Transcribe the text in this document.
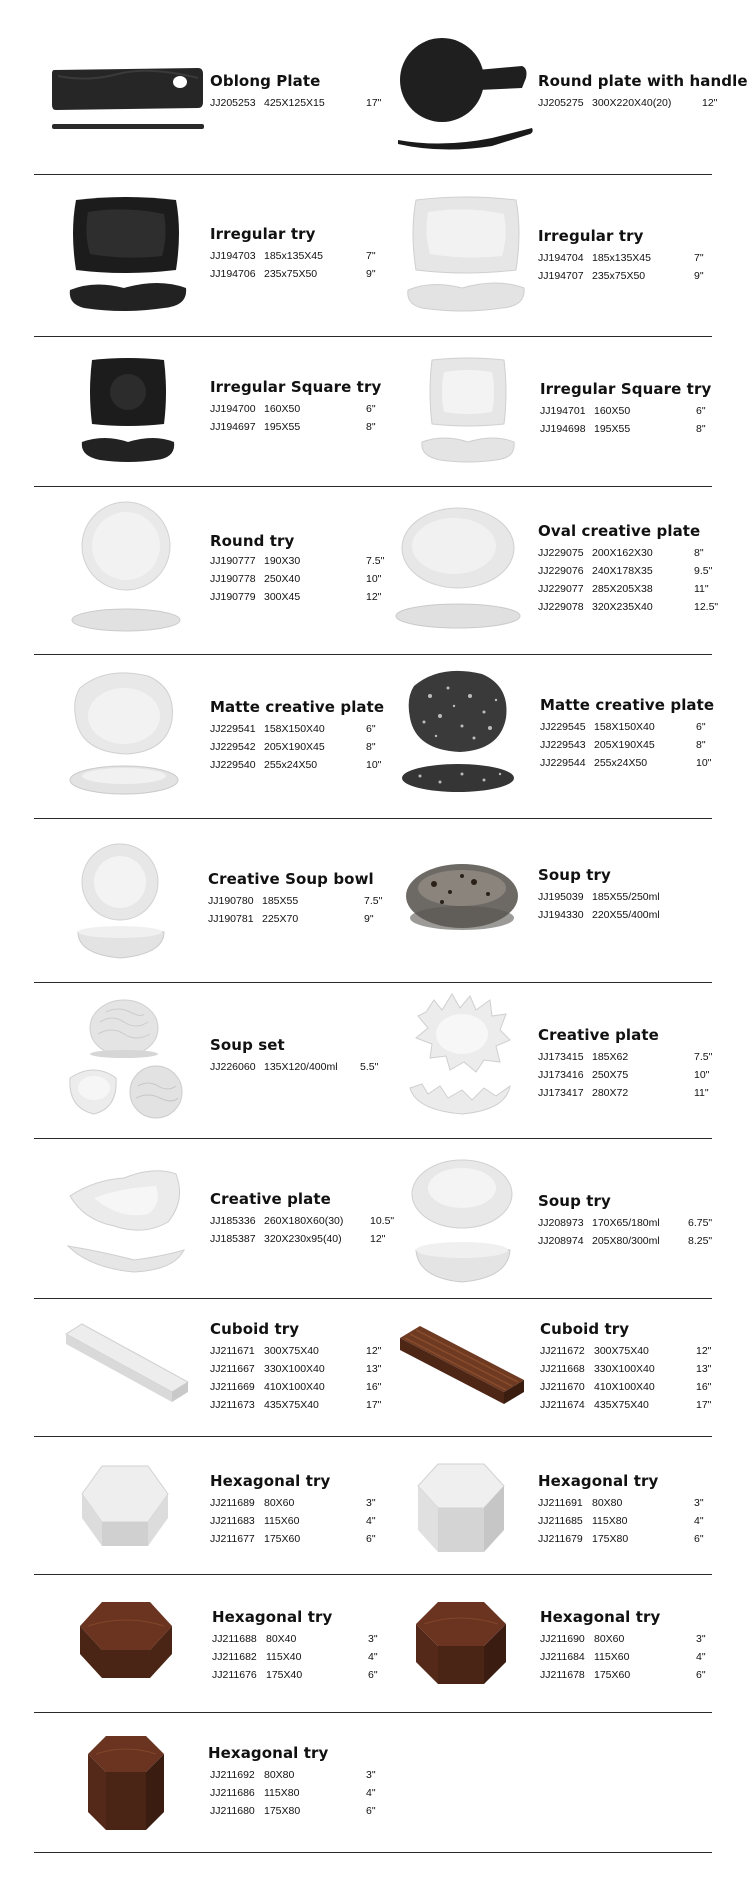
Oblong Plate
JJ205253 425X125X15	17"
Round plate with handle
JJ205275 300X220X40(20)	12"
Irregular try
JJ194703 185x135X45	7"
JJ194706 235x75X50	9"
Irregular try
JJ194704 185x135X45	7"
JJ194707 235x75X50	9"
Irregular Square try
JJ194700 160X50	6"
JJ194697 195X55	8"
Irregular Square try
JJ194701 160X50	6"
JJ194698 195X55	8"
Round try
JJ190777 190X30	7.5"
JJ190778 250X40	10"
JJ190779 300X45	12"
Oval creative plate
JJ229075 200X162X30	8"
JJ229076 240X178X35	9.5"
JJ229077 285X205X38	11"
JJ229078 320X235X40	12.5"
Matte creative plate
JJ229541 158X150X40	6"
JJ229542 205X190X45	8"
JJ229540 255x24X50	10"
Matte creative plate
JJ229545 158X150X40	6"
JJ229543 205X190X45	8"
JJ229544 255x24X50	10"
Creative Soup bowl
JJ190780 185X55	7.5"
JJ190781 225X70	9"
Soup try
JJ195039 185X55/250ml
JJ194330 220X55/400ml
Soup set
JJ226060 135X120/400ml 5.5"
Creative plate
JJ173415 185X62	7.5"
JJ173416 250X75	10"
JJ173417 280X72	11"
Creative plate
JJ185336 260X180X60(30)	10.5"
JJ185387 320X230x95(40)	12"
Soup try
JJ208973 170X65/180ml	6.75"
JJ208974 205X80/300ml	8.25"
Cuboid try
JJ211671 300X75X40	12"
JJ211667 330X100X40	13"
JJ211669 410X100X40	16"
JJ211673 435X75X40	17"
Cuboid try
JJ211672 300X75X40	12"
JJ211668 330X100X40	13"
JJ211670 410X100X40	16"
JJ211674 435X75X40	17"
Hexagonal try
JJ211689 80X60	3"
JJ211683 115X60	4"
JJ211677 175X60	6"
Hexagonal try
JJ211691 80X80	3"
JJ211685 115X80	4"
JJ211679 175X80	6"
Hexagonal try
JJ211688 80X40	3"
JJ211682 115X40	4"
JJ211676 175X40	6"
Hexagonal try
JJ211690 80X60	3"
JJ211684 115X60	4"
JJ211678 175X60	6"
Hexagonal try
JJ211692 80X80	3"
JJ211686 115X80	4"
JJ211680 175X80	6"
